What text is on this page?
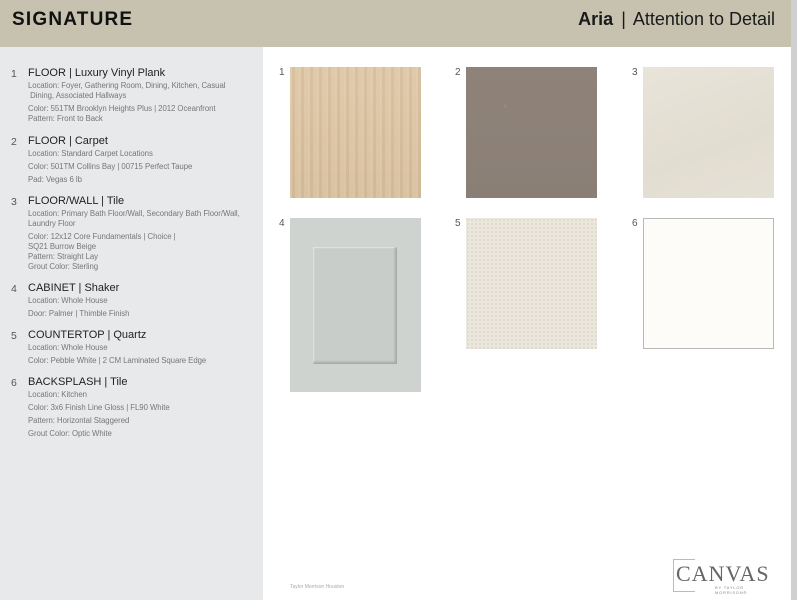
SIGNATURE	Aria | Attention to Detail
1 FLOOR | Luxury Vinyl Plank
Location: Foyer, Gathering Room, Dining, Kitchen, Casual
Dining, Associated Hallways
Color: 551TM Brooklyn Heights Plus | 2012 Oceanfront
Pattern: Front to Back
2 FLOOR | Carpet
Location: Standard Carpet Locations
Color: 501TM Collins Bay | 00715 Perfect Taupe
Pad: Vegas 6 lb
3 FLOOR/WALL | Tile
Location: Primary Bath Floor/Wall, Secondary Bath Floor/Wall,
Laundry Floor
Color: 12x12 Core Fundamentals | Choice |
SQ21 Burrow Beige
Pattern: Straight Lay
Grout Color: Sterling
4 CABINET | Shaker
Location: Whole House
Door: Palmer | Thimble Finish
5 COUNTERTOP | Quartz
Location: Whole House
Color: Pebble White | 2 CM Laminated Square Edge
6 BACKSPLASH | Tile
Location: Kitchen
Color: 3x6 Finish Line Gloss | FL90 White
Pattern: Horizontal Staggered
Grout Color: Optic White
1	2	3
4	5	6
Taylor Morrison Houston
CANVAS
BY TAYLOR MORRISON®
